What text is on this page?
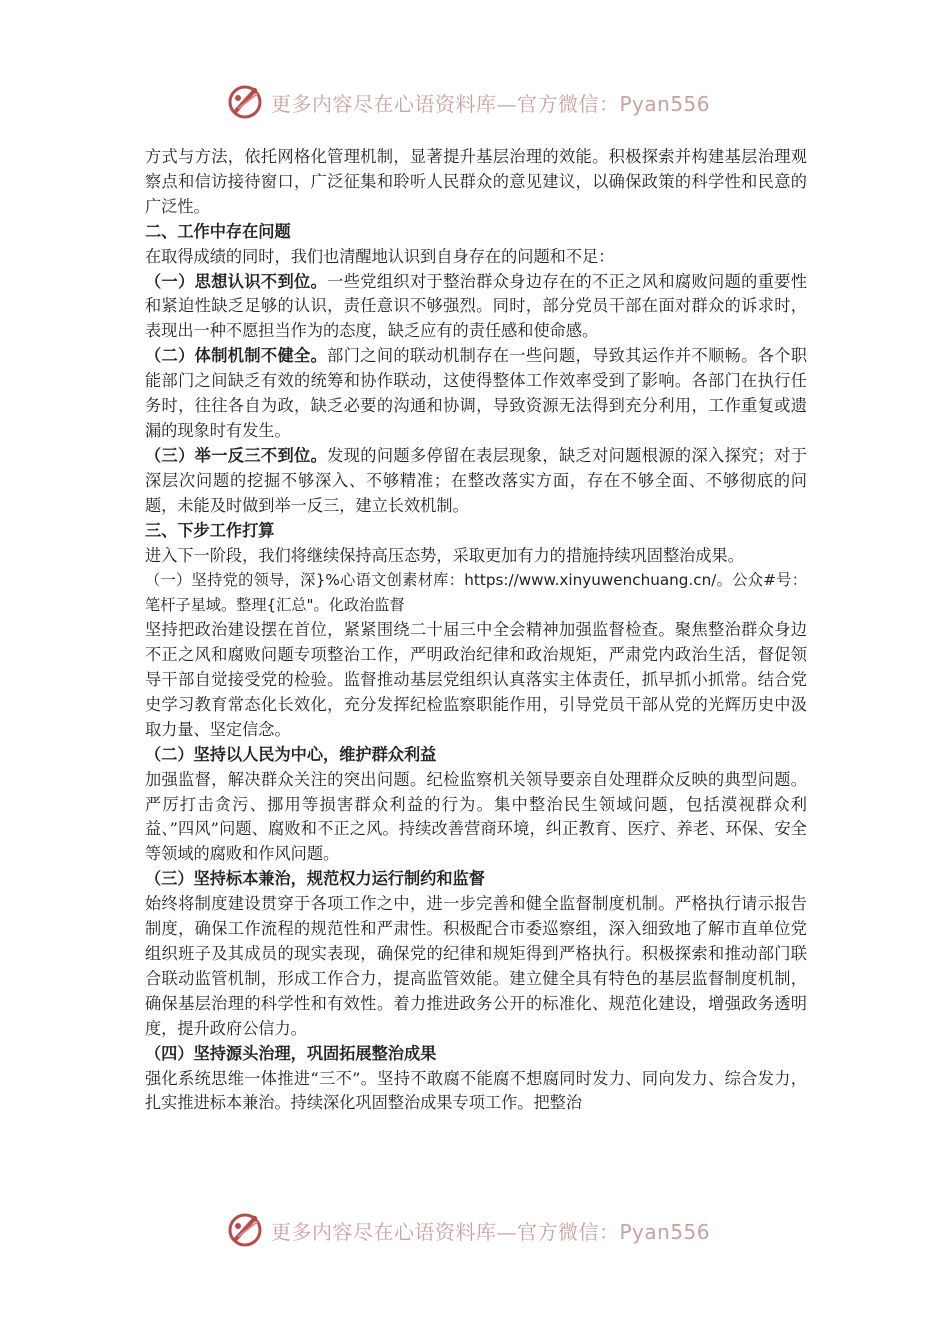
更多内容尽在心语资料库—官方微信：Pyan556

方式与方法，依托网格化管理机制，显著提升基层治理的效能。积极探索并构建基层治理观察点和信访接待窗口，广泛征集和聆听人民群众的意见建议，以确保政策的科学性和民意的广泛性。

二、工作中存在问题

在取得成绩的同时，我们也清醒地认识到自身存在的问题和不足：

（一）思想认识不到位。一些党组织对于整治群众身边存在的不正之风和腐败问题的重要性和紧迫性缺乏足够的认识，责任意识不够强烈。同时，部分党员干部在面对群众的诉求时，表现出一种不愿担当作为的态度，缺乏应有的责任感和使命感。

（二）体制机制不健全。部门之间的联动机制存在一些问题，导致其运作并不顺畅。各个职能部门之间缺乏有效的统筹和协作联动，这使得整体工作效率受到了影响。各部门在执行任务时，往往各自为政，缺乏必要的沟通和协调，导致资源无法得到充分利用，工作重复或遗漏的现象时有发生。

（三）举一反三不到位。发现的问题多停留在表层现象，缺乏对问题根源的深入探究；对于深层次问题的挖掘不够深入、不够精准；在整改落实方面，存在不够全面、不够彻底的问题，未能及时做到举一反三，建立长效机制。

三、下步工作打算

进入下一阶段，我们将继续保持高压态势，采取更加有力的措施持续巩固整治成果。

（一）坚持党的领导，深}%心语文创素材库：https://www.xinyuwenchuang.cn/。公众#号：笔杆子星域。整理{汇总"。化政治监督

坚持把政治建设摆在首位，紧紧围绕二十届三中全会精神加强监督检查。聚焦整治群众身边不正之风和腐败问题专项整治工作，严明政治纪律和政治规矩，严肃党内政治生活，督促领导干部自觉接受党的检验。监督推动基层党组织认真落实主体责任，抓早抓小抓常。结合党史学习教育常态化长效化，充分发挥纪检监察职能作用，引导党员干部从党的光辉历史中汲取力量、坚定信念。

（二）坚持以人民为中心，维护群众利益

加强监督，解决群众关注的突出问题。纪检监察机关领导要亲自处理群众反映的典型问题。严厉打击贪污、挪用等损害群众利益的行为。集中整治民生领域问题，包括漠视群众利益、”四风”问题、腐败和不正之风。持续改善营商环境，纠正教育、医疗、养老、环保、安全等领域的腐败和作风问题。

（三）坚持标本兼治，规范权力运行制约和监督

始终将制度建设贯穿于各项工作之中，进一步完善和健全监督制度机制。严格执行请示报告制度，确保工作流程的规范性和严肃性。积极配合市委巡察组，深入细致地了解市直单位党组织班子及其成员的现实表现，确保党的纪律和规矩得到严格执行。积极探索和推动部门联合联动监管机制，形成工作合力，提高监管效能。建立健全具有特色的基层监督制度机制，确保基层治理的科学性和有效性。着力推进政务公开的标准化、规范化建设，增强政务透明度，提升政府公信力。

（四）坚持源头治理，巩固拓展整治成果

强化系统思维一体推进“三不”。坚持不敢腐不能腐不想腐同时发力、同向发力、综合发力，扎实推进标本兼治。持续深化巩固整治成果专项工作。把整治

更多内容尽在心语资料库—官方微信：Pyan556
